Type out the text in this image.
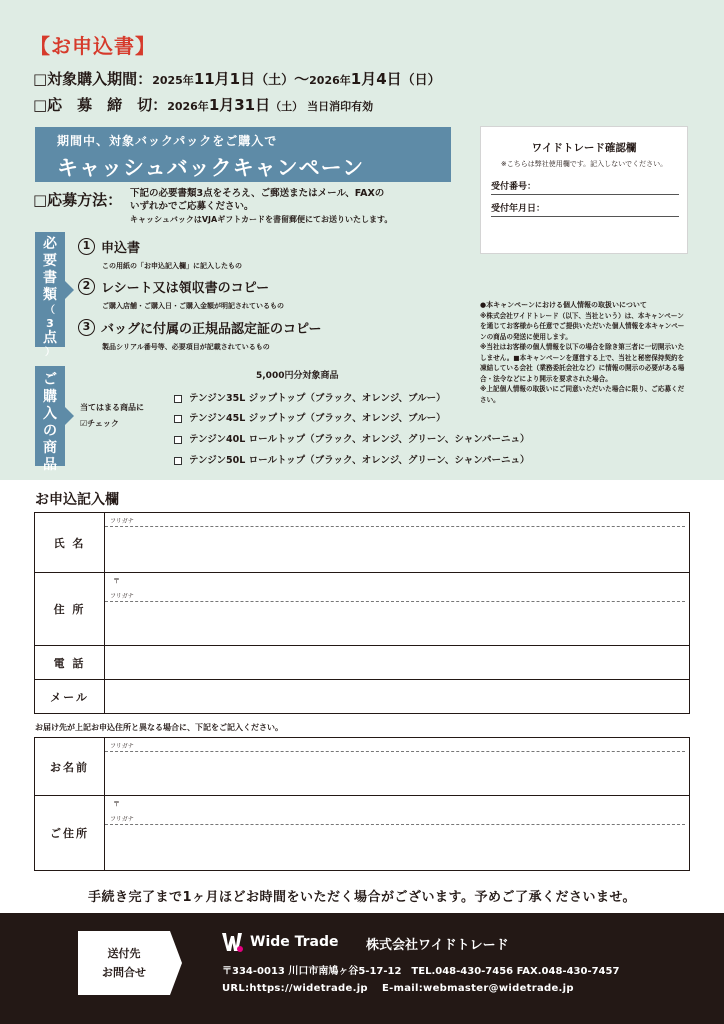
【お申込書】
□対象購入期間：2025年11月1日（土）〜2026年1月4日（日）
□応　募　締　切：2026年1月31日（土） 当日消印有効
期間中、対象バックパックをご購入で
キャッシュバックキャンペーン
ワイドトレード確認欄
※こちらは弊社使用欄です。記入しないでください。
受付番号：
受付年月日：
□応募方法： 下記の必要書類3点をそろえ、ご郵送またはメール、FAXの
いずれかでご応募ください。
キャッシュバックはVJAギフトカードを書留郵便にてお送りいたします。
必
要
書
類
（
3
点
）
1 申込書
この用紙の「お申込記入欄」に記入したもの
2 レシート又は領収書のコピー
ご購入店舗・ご購入日・ご購入金額が明記されているもの
3 バッグに付属の正規品認定証のコピー
製品シリアル番号等、必要項目が記載されているもの
ご
購
入
の
商
品
当てはまる商品に
☑チェック
5,000円分対象商品
テンジン35L ジップトップ（ブラック、オレンジ、ブルー）
テンジン45L ジップトップ（ブラック、オレンジ、ブルー）
テンジン40L ロールトップ（ブラック、オレンジ、グリーン、シャンパーニュ）
テンジン50L ロールトップ（ブラック、オレンジ、グリーン、シャンパーニュ）
●本キャンペーンにおける個人情報の取扱いについて
※株式会社ワイドトレード（以下、当社という）は、本キャンペーンを通じてお客様から任意でご提供いただいた個人情報を本キャンペーンの商品の発送に使用します。
※当社はお客様の個人情報を以下の場合を除き第三者に一切開示いたしません。■本キャンペーンを運営する上で、当社と秘密保持契約を凍結している会社（業務委託会社など）に情報の開示の必要がある場合・法令などにより開示を要求された場合。
※上記個人情報の取扱いにご同意いただいた場合に限り、ご応募ください。
お申込記入欄
氏 名	フリガナ

住 所	〒
フリガナ

電 話	
メール	
お届け先が上記お申込住所と異なる場合に、下記をご記入ください。
お名前	フリガナ

ご住所	〒
フリガナ
手続き完了まで1ヶ月ほどお時間をいただく場合がございます。予めご了承くださいませ。
送付先
お問合せ
Wide Trade 株式会社ワイドトレード
〒334-0013 川口市南鳩ヶ谷5-17-12　TEL.048-430-7456 FAX.048-430-7457
URL:https://widetrade.jp　 E-mail:webmaster@widetrade.jp
